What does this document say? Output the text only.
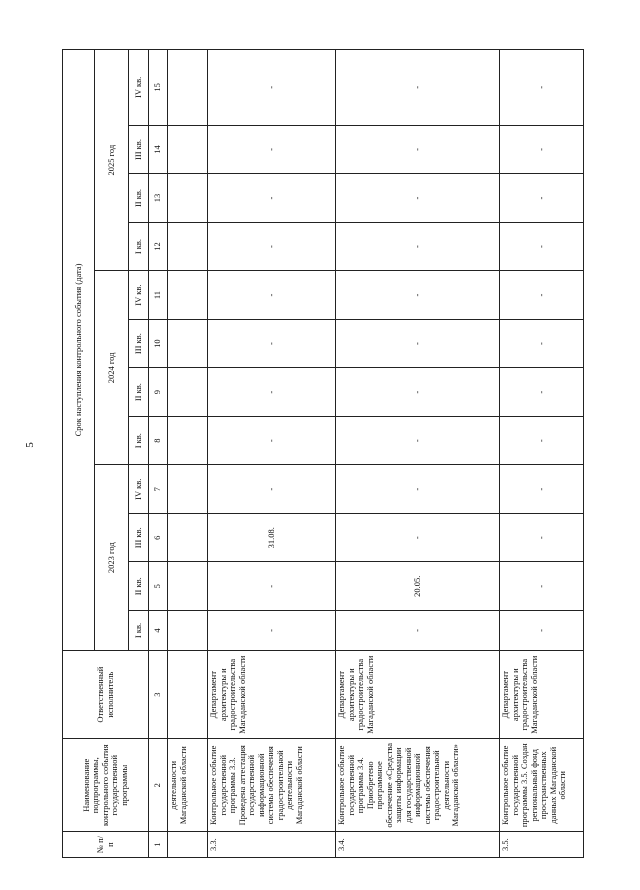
5
№ п/п	Наименование подпрограммы, контрольного события государственной программы	Ответственный исполнитель	Срок наступления контрольного события (дата)											
			2023 год				2024 год				2025 год			
			I кв.	II кв.	III кв.	IV кв.	I кв.	II кв.	III кв.	IV кв.	I кв.	II кв.	III кв.	IV кв.
1	2	3	4	5	6	7	8	9	10	11	12	13	14	15
	деятельности Магаданской области													
3.3.	Контрольное событие государственной программы 3.3. Проведена аттестация государственной информационной системы обеспечения градостроительной деятельности Магаданской области	Департамент архитектуры и градостроительства Магаданской области	-	-	31.08.	-	-	-	-	-	-	-	-	-
3.4.	Контрольное событие государственной программы 3.4. Приобретено программное обеспечение «Средства защиты информации для государственной информационной системы обеспечения градостроительной деятельности Магаданской области»	Департамент архитектуры и градостроительства Магаданской области	-	20.05.	-	-	-	-	-	-	-	-	-	-
3.5.	Контрольное событие государственной программы 3.5. Создан региональный фонд пространственных данных Магаданской области	Департамент архитектуры и градостроительства Магаданской области	-	-	-	-	-	-	-	-	-	-	-	-
